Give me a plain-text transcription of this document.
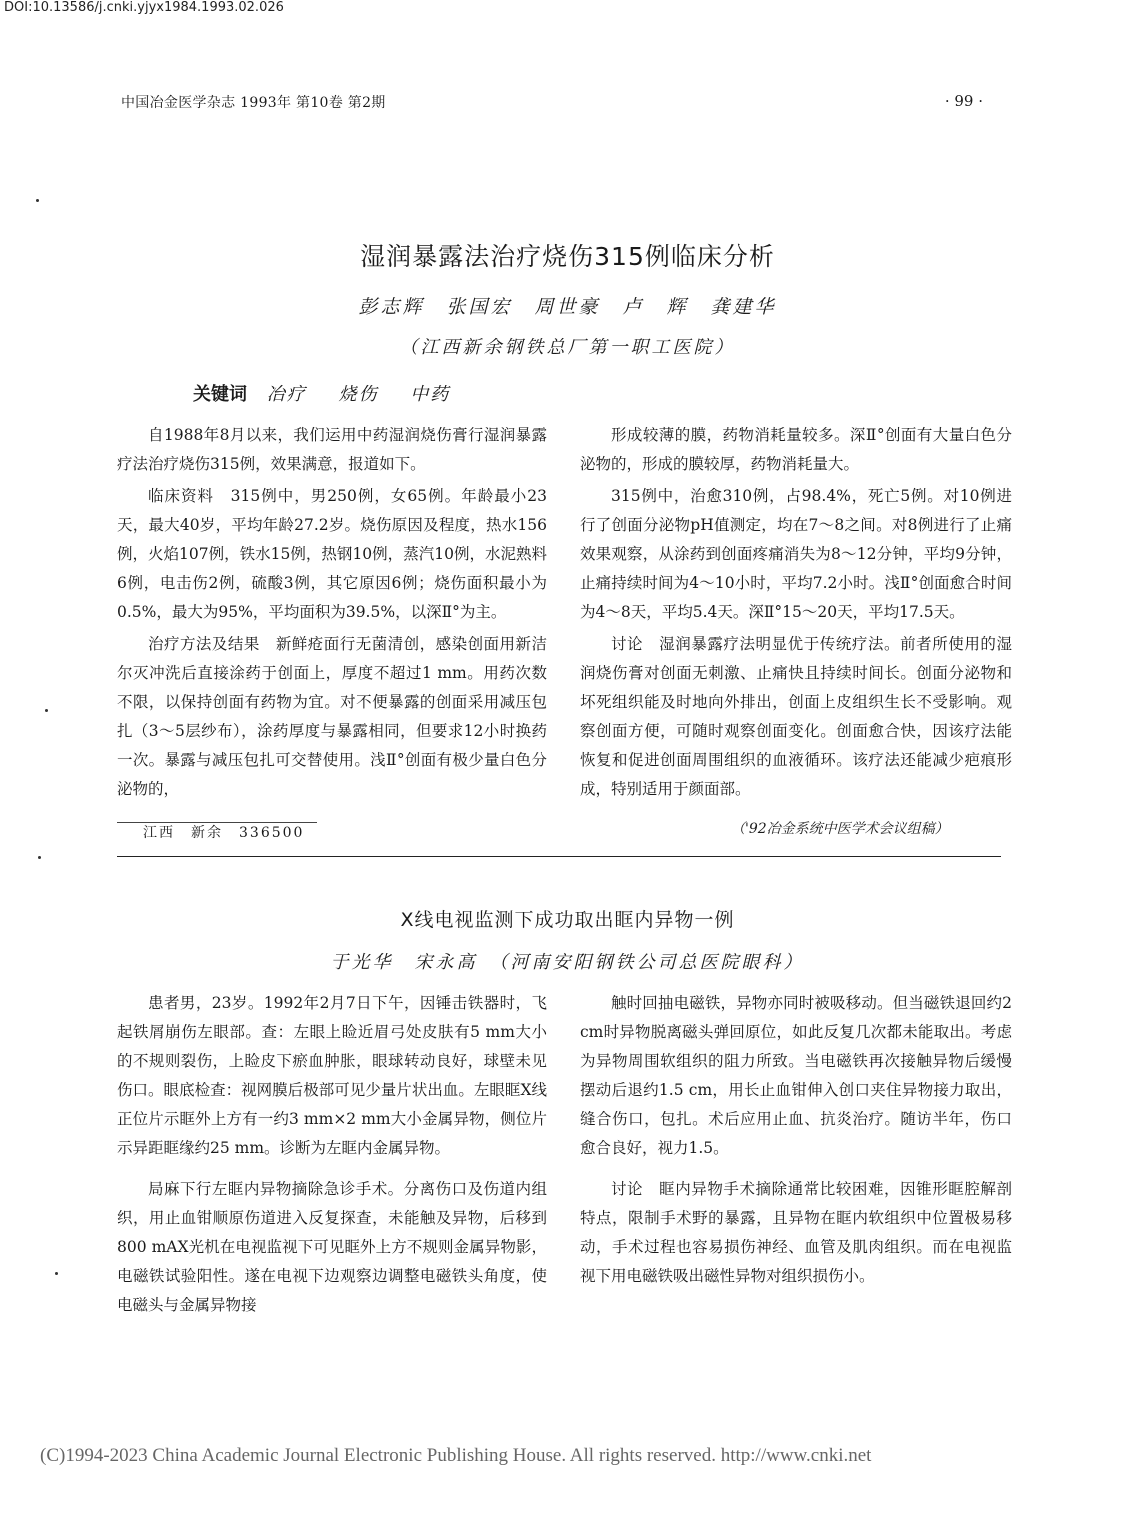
DOI:10.13586/j.cnki.yjyx1984.1993.02.026
中国冶金医学杂志 1993年 第10卷 第2期	· 99 ·
湿润暴露法治疗烧伤315例临床分析
彭志辉　张国宏　周世豪　卢　辉　龚建华
（江西新余钢铁总厂第一职工医院）
关键词 冶疗 烧伤 中药

自1988年8月以来，我们运用中药湿润烧伤膏行湿润暴露疗法治疗烧伤315例，效果满意，报道如下。

临床资料　315例中，男250例，女65例。年龄最小23天，最大40岁，平均年龄27.2岁。烧伤原因及程度，热水156例，火焰107例，铁水15例，热钢10例，蒸汽10例，水泥熟料6例，电击伤2例，硫酸3例，其它原因6例；烧伤面积最小为0.5%，最大为95%，平均面积为39.5%，以深Ⅱ°为主。

治疗方法及结果　新鲜疮面行无菌清创，感染创面用新洁尔灭冲洗后直接涂药于创面上，厚度不超过1 mm。用药次数不限，以保持创面有药物为宜。对不便暴露的创面采用减压包扎（3～5层纱布），涂药厚度与暴露相同，但要求12小时换药一次。暴露与减压包扎可交替使用。浅Ⅱ°创面有极少量白色分泌物的，

形成较薄的膜，药物消耗量较多。深Ⅱ°创面有大量白色分泌物的，形成的膜较厚，药物消耗量大。

315例中，治愈310例，占98.4%，死亡5例。对10例进行了创面分泌物pH值测定，均在7～8之间。对8例进行了止痛效果观察，从涂药到创面疼痛消失为8～12分钟，平均9分钟，止痛持续时间为4～10小时，平均7.2小时。浅Ⅱ°创面愈合时间为4～8天，平均5.4天。深Ⅱ°15～20天，平均17.5天。

讨论　湿润暴露疗法明显优于传统疗法。前者所使用的湿润烧伤膏对创面无刺激、止痛快且持续时间长。创面分泌物和坏死组织能及时地向外排出，创面上皮组织生长不受影响。观察创面方便，可随时观察创面变化。创面愈合快，因该疗法能恢复和促进创面周围组织的血液循环。该疗法还能减少疤痕形成，特别适用于颜面部。

江西　新余　336500	（'92冶金系统中医学术会议组稿）
X线电视监测下成功取出眶内异物一例
于光华　宋永高　（河南安阳钢铁公司总医院眼科）

患者男，23岁。1992年2月7日下午，因锤击铁器时，飞起铁屑崩伤左眼部。查：左眼上睑近眉弓处皮肤有5 mm大小的不规则裂伤，上睑皮下瘀血肿胀，眼球转动良好，球壁未见伤口。眼底检查：视网膜后极部可见少量片状出血。左眼眶X线正位片示眶外上方有一约3 mm×2 mm大小金属异物，侧位片示异距眶缘约25 mm。诊断为左眶内金属异物。

局麻下行左眶内异物摘除急诊手术。分离伤口及伤道内组织，用止血钳顺原伤道进入反复探查，未能触及异物，后移到800 mAX光机在电视监视下可见眶外上方不规则金属异物影，电磁铁试验阳性。遂在电视下边观察边调整电磁铁头角度，使电磁头与金属异物接

触时回抽电磁铁，异物亦同时被吸移动。但当磁铁退回约2 cm时异物脱离磁头弹回原位，如此反复几次都未能取出。考虑为异物周围软组织的阻力所致。当电磁铁再次接触异物后缓慢摆动后退约1.5 cm，用长止血钳伸入创口夹住异物接力取出，缝合伤口，包扎。术后应用止血、抗炎治疗。随访半年，伤口愈合良好，视力1.5。

讨论　眶内异物手术摘除通常比较困难，因锥形眶腔解剖特点，限制手术野的暴露，且异物在眶内软组织中位置极易移动，手术过程也容易损伤神经、血管及肌肉组织。而在电视监视下用电磁铁吸出磁性异物对组织损伤小。

(C)1994-2023 China Academic Journal Electronic Publishing House. All rights reserved. http://www.cnki.net
